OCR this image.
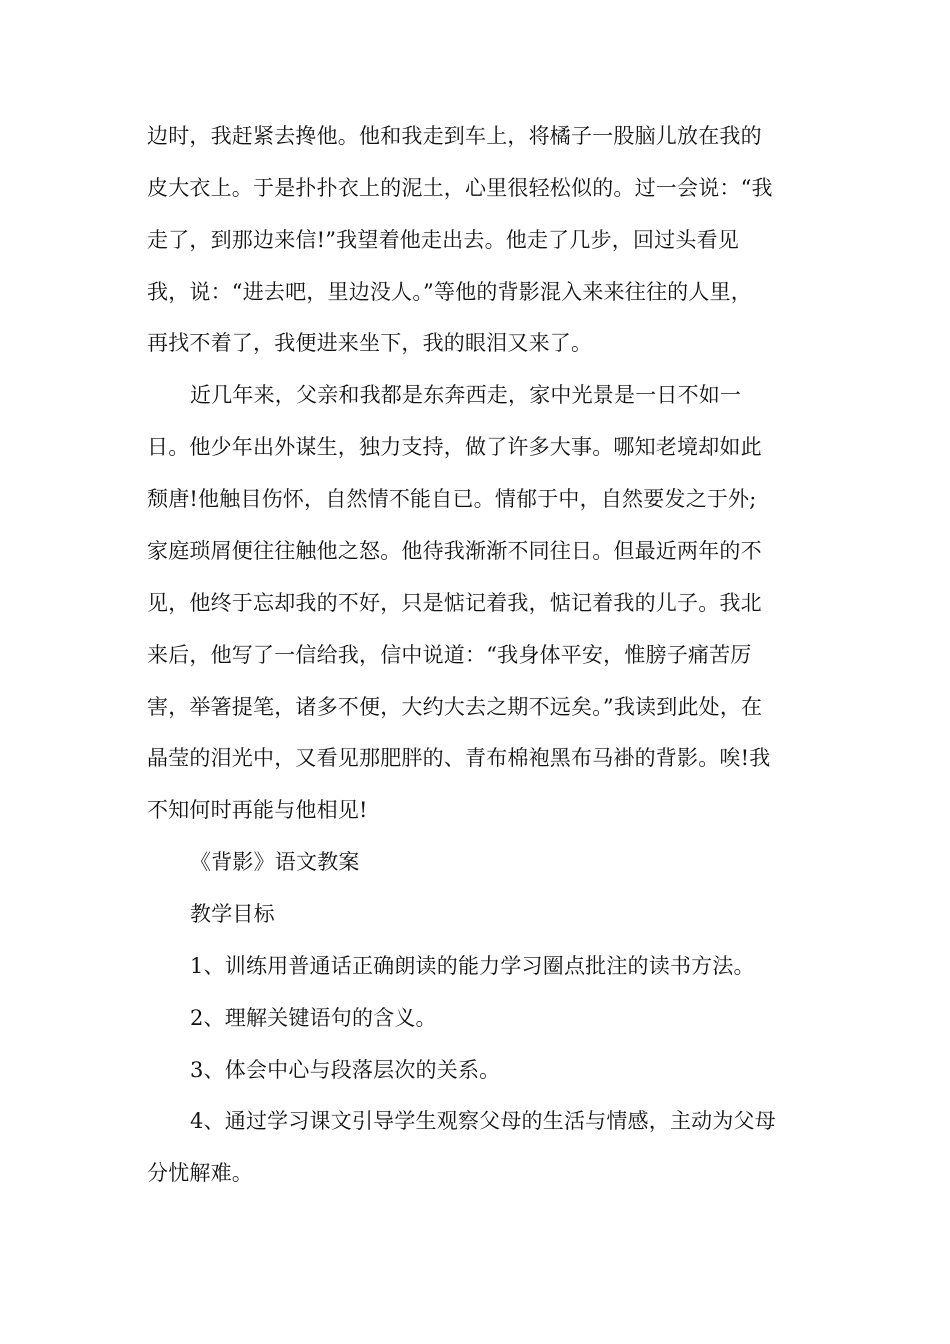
边时，我赶紧去搀他。他和我走到车上，将橘子一股脑儿放在我的
皮大衣上。于是扑扑衣上的泥土，心里很轻松似的。过一会说：“我
走了，到那边来信!”我望着他走出去。他走了几步，回过头看见
我，说：“进去吧，里边没人。”等他的背影混入来来往往的人里，
再找不着了，我便进来坐下，我的眼泪又来了。
近几年来，父亲和我都是东奔西走，家中光景是一日不如一
日。他少年出外谋生，独力支持，做了许多大事。哪知老境却如此
颓唐!他触目伤怀，自然情不能自已。情郁于中，自然要发之于外;
家庭琐屑便往往触他之怒。他待我渐渐不同往日。但最近两年的不
见，他终于忘却我的不好，只是惦记着我，惦记着我的儿子。我北
来后，他写了一信给我，信中说道：“我身体平安，惟膀子痛苦厉
害，举箸提笔，诸多不便，大约大去之期不远矣。”我读到此处，在
晶莹的泪光中，又看见那肥胖的、青布棉袍黑布马褂的背影。唉!我
不知何时再能与他相见!
《背影》语文教案
教学目标
1、训练用普通话正确朗读的能力学习圈点批注的读书方法。
2、理解关键语句的含义。
3、体会中心与段落层次的关系。
4、通过学习课文引导学生观察父母的生活与情感，主动为父母
分忧解难。
